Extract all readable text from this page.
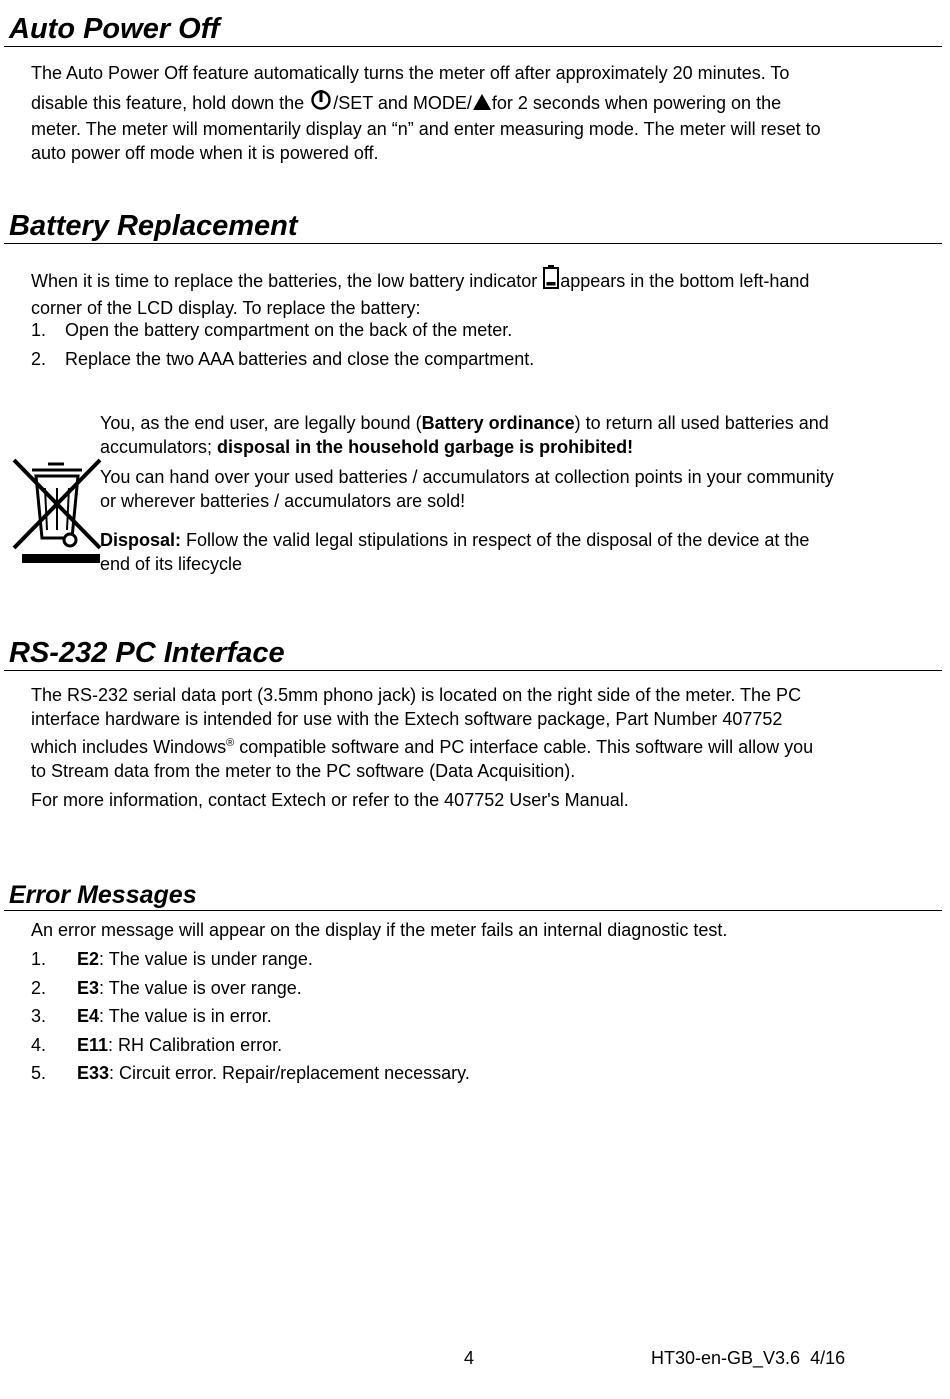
Auto Power Off
The Auto Power Off feature automatically turns the meter off after approximately 20 minutes. To
disable this feature, hold down the /SET and MODE/ for 2 seconds when powering on the
meter. The meter will momentarily display an “n” and enter measuring mode. The meter will reset to
auto power off mode when it is powered off.
Battery Replacement
When it is time to replace the batteries, the low battery indicator appears in the bottom left-hand
corner of the LCD display. To replace the battery:
1. Open the battery compartment on the back of the meter.
2. Replace the two AAA batteries and close the compartment.
You, as the end user, are legally bound (Battery ordinance) to return all used batteries and
accumulators; disposal in the household garbage is prohibited!
You can hand over your used batteries / accumulators at collection points in your community
or wherever batteries / accumulators are sold!
Disposal: Follow the valid legal stipulations in respect of the disposal of the device at the
end of its lifecycle
RS-232 PC Interface
The RS-232 serial data port (3.5mm phono jack) is located on the right side of the meter. The PC
interface hardware is intended for use with the Extech software package, Part Number 407752
which includes Windows® compatible software and PC interface cable. This software will allow you
to Stream data from the meter to the PC software (Data Acquisition).
For more information, contact Extech or refer to the 407752 User's Manual.
Error Messages
An error message will appear on the display if the meter fails an internal diagnostic test.
1. E2: The value is under range.
2. E3: The value is over range.
3. E4: The value is in error.
4. E11: RH Calibration error.
5. E33: Circuit error. Repair/replacement necessary.
4	HT30-en-GB_V3.6  4/16
